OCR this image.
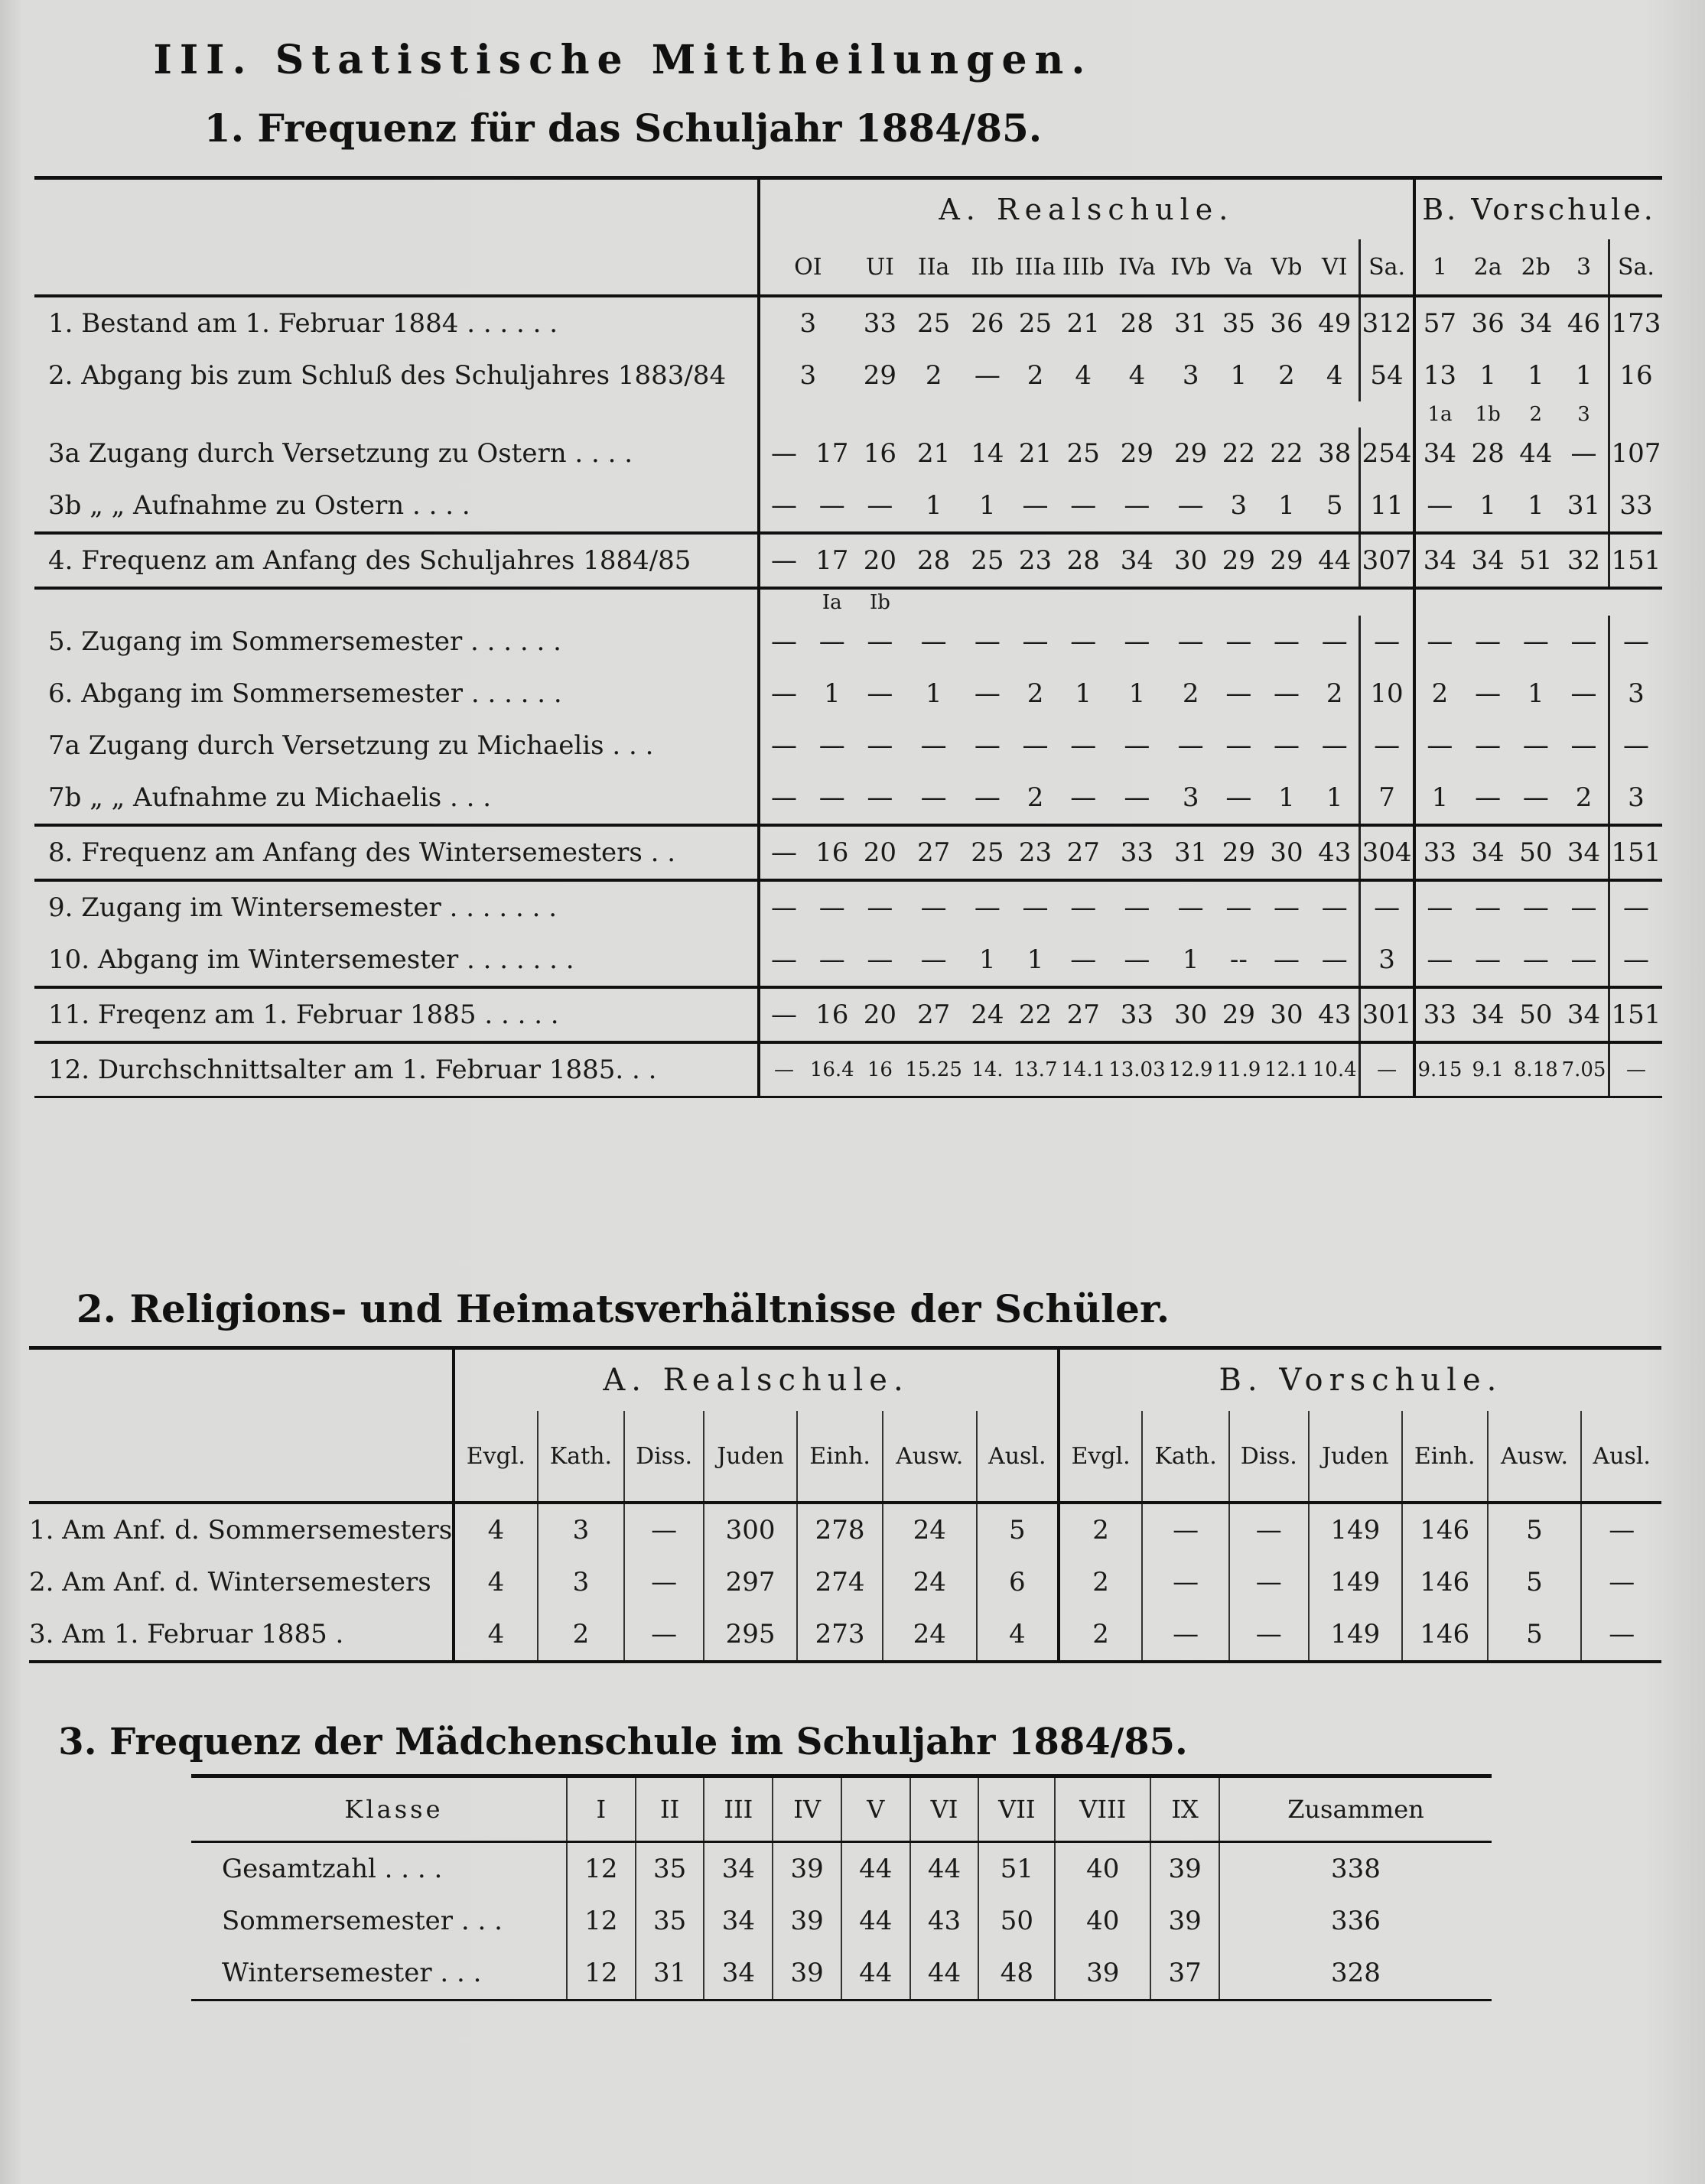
III. Statistische Mittheilungen.
1. Frequenz für das Schuljahr 1884/85.
	A. Realschule.													B. Vorschule.				
	OI		UI	IIa	IIb	IIIa	IIIb	IVa	IVb	Va	Vb	VI	Sa.	1	2a	2b	3	Sa.
1. Bestand am 1. Februar 1884 . . . . . .	3		33	25	26	25	21	28	31	35	36	49	312	57	36	34	46	173
2. Abgang bis zum Schluß des Schuljahres 1883/84	3		29	2	—	2	4	4	3	1	2	4	54	13	1	1	1	16
														1a	1b	2	3	
3a Zugang durch Versetzung zu Ostern . . . .	—	17	16	21	14	21	25	29	29	22	22	38	254	34	28	44	—	107
3b „ „ Aufnahme zu Ostern . . . .	—	—	—	1	1	—	—	—	—	3	1	5	11	—	1	1	31	33
4. Frequenz am Anfang des Schuljahres 1884/85	—	17	20	28	25	23	28	34	30	29	29	44	307	34	34	51	32	151
		Ia	Ib															
5. Zugang im Sommersemester . . . . . .	—	—	—	—	—	—	—	—	—	—	—	—	—	—	—	—	—	—
6. Abgang im Sommersemester . . . . . .	—	1	—	1	—	2	1	1	2	—	—	2	10	2	—	1	—	3
7a Zugang durch Versetzung zu Michaelis . . .	—	—	—	—	—	—	—	—	—	—	—	—	—	—	—	—	—	—
7b „ „ Aufnahme zu Michaelis . . .	—	—	—	—	—	2	—	—	3	—	1	1	7	1	—	—	2	3
8. Frequenz am Anfang des Wintersemesters . .	—	16	20	27	25	23	27	33	31	29	30	43	304	33	34	50	34	151
9. Zugang im Wintersemester . . . . . . .	—	—	—	—	—	—	—	—	—	—	—	—	—	—	—	—	—	—
10. Abgang im Wintersemester . . . . . . .	—	—	—	—	1	1	—	—	1	--	—	—	3	—	—	—	—	—
11. Freqenz am 1. Februar 1885 . . . . .	—	16	20	27	24	22	27	33	30	29	30	43	301	33	34	50	34	151
12. Durchschnittsalter am 1. Februar 1885. . .	—	16.4	16	15.25	14.	13.7	14.1	13.03	12.9	11.9	12.1	10.4	—	9.15	9.1	8.18	7.05	—
2. Religions- und Heimatsverhältnisse der Schüler.
	A. Realschule.							B. Vorschule.						
	Evgl.	Kath.	Diss.	Juden	Einh.	Ausw.	Ausl.	Evgl.	Kath.	Diss.	Juden	Einh.	Ausw.	Ausl.
1. Am Anf. d. Sommersemesters	4	3	—	300	278	24	5	2	—	—	149	146	5	—
2. Am Anf. d. Wintersemesters	4	3	—	297	274	24	6	2	—	—	149	146	5	—
3. Am 1. Februar 1885 .	4	2	—	295	273	24	4	2	—	—	149	146	5	—
3. Frequenz der Mädchenschule im Schuljahr 1884/85.
Klasse	I	II	III	IV	V	VI	VII	VIII	IX	Zusammen
Gesamtzahl . . . .	12	35	34	39	44	44	51	40	39	338
Sommersemester . . .	12	35	34	39	44	43	50	40	39	336
Wintersemester . . .	12	31	34	39	44	44	48	39	37	328
